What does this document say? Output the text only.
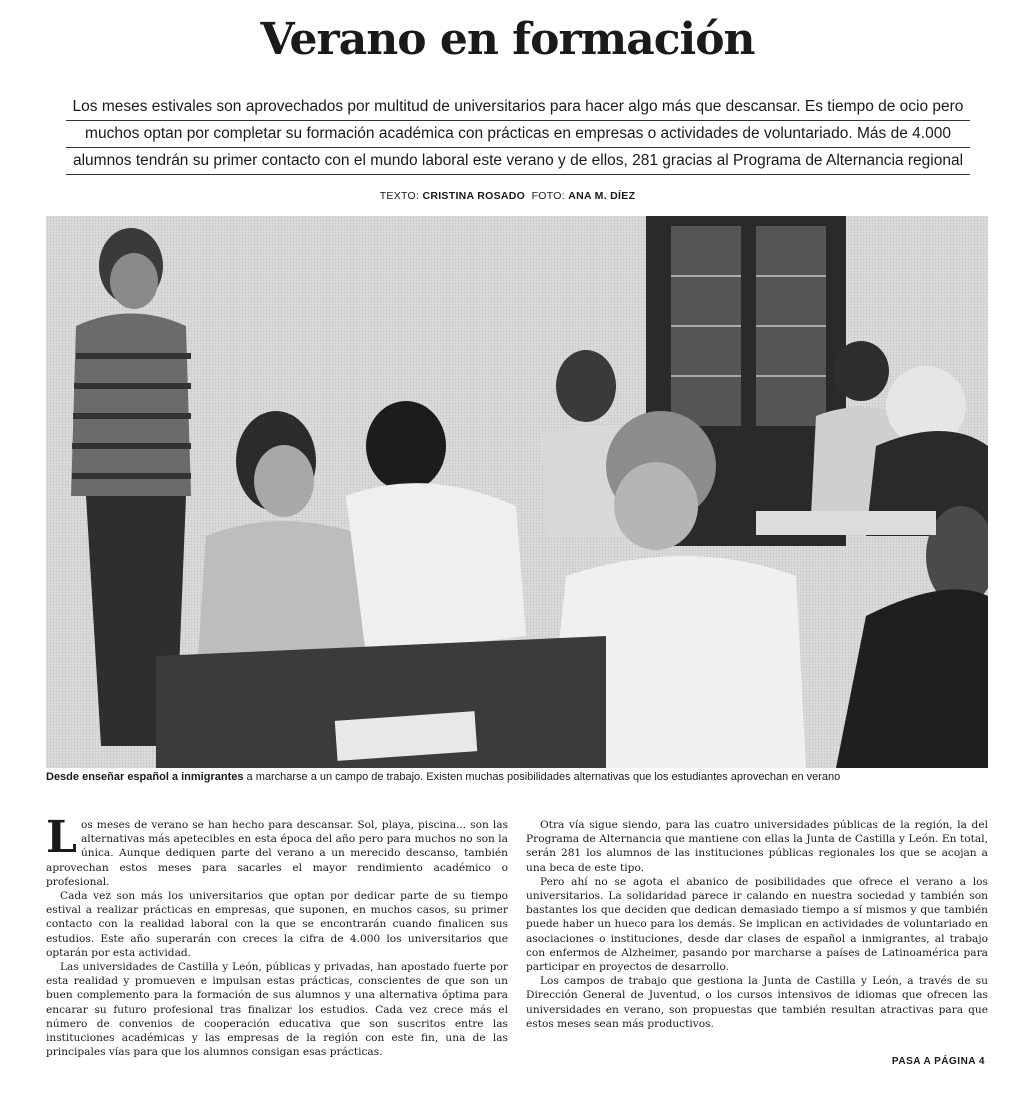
Verano en formación
Los meses estivales son aprovechados por multitud de universitarios para hacer algo más que descansar. Es tiempo de ocio pero
muchos optan por completar su formación académica con prácticas en empresas o actividades de voluntariado. Más de 4.000
alumnos tendrán su primer contacto con el mundo laboral este verano y de ellos, 281 gracias al Programa de Alternancia regional
TEXTO: CRISTINA ROSADO FOTO: ANA M. DÍEZ
Desde enseñar español a inmigrantes a marcharse a un campo de trabajo. Existen muchas posibilidades alternativas que los estudiantes aprovechan en verano

Los meses de verano se han hecho para descansar. Sol, playa, piscina... son las alternativas más apetecibles en esta época del año pero para muchos no son la única. Aunque dediquen parte del verano a un merecido descanso, también aprovechan estos meses para sacarles el mayor rendimiento académico o profesional.

Cada vez son más los universitarios que optan por dedicar parte de su tiempo estival a realizar prácticas en empresas, que suponen, en muchos casos, su primer contacto con la realidad laboral con la que se encontrarán cuando finalicen sus estudios. Este año superarán con creces la cifra de 4.000 los universitarios que optarán por esta actividad.

Las universidades de Castilla y León, públicas y privadas, han apostado fuerte por esta realidad y promueven e impulsan estas prácticas, conscientes de que son un buen complemento para la formación de sus alumnos y una alternativa óptima para encarar su futuro profesional tras finalizar los estudios. Cada vez crece más el número de convenios de cooperación educativa que son suscritos entre las instituciones académicas y las empresas de la región con este fin, una de las principales vías para que los alumnos consigan esas prácticas.

Otra vía sigue siendo, para las cuatro universidades públicas de la región, la del Programa de Alternancia que mantiene con ellas la Junta de Castilla y León. En total, serán 281 los alumnos de las instituciones públicas regionales los que se acojan a una beca de este tipo.

Pero ahí no se agota el abanico de posibilidades que ofrece el verano a los universitarios. La solidaridad parece ir calando en nuestra sociedad y también son bastantes los que deciden que dedican demasiado tiempo a sí mismos y que también puede haber un hueco para los demás. Se implican en actividades de voluntariado en asociaciones o instituciones, desde dar clases de español a inmigrantes, al trabajo con enfermos de Alzheimer, pasando por marcharse a países de Latinoamérica para participar en proyectos de desarrollo.

Los campos de trabajo que gestiona la Junta de Castilla y León, a través de su Dirección General de Juventud, o los cursos intensivos de idiomas que ofrecen las universidades en verano, son propuestas que también resultan atractivas para que estos meses sean más productivos.

PASA A PÁGINA 4
